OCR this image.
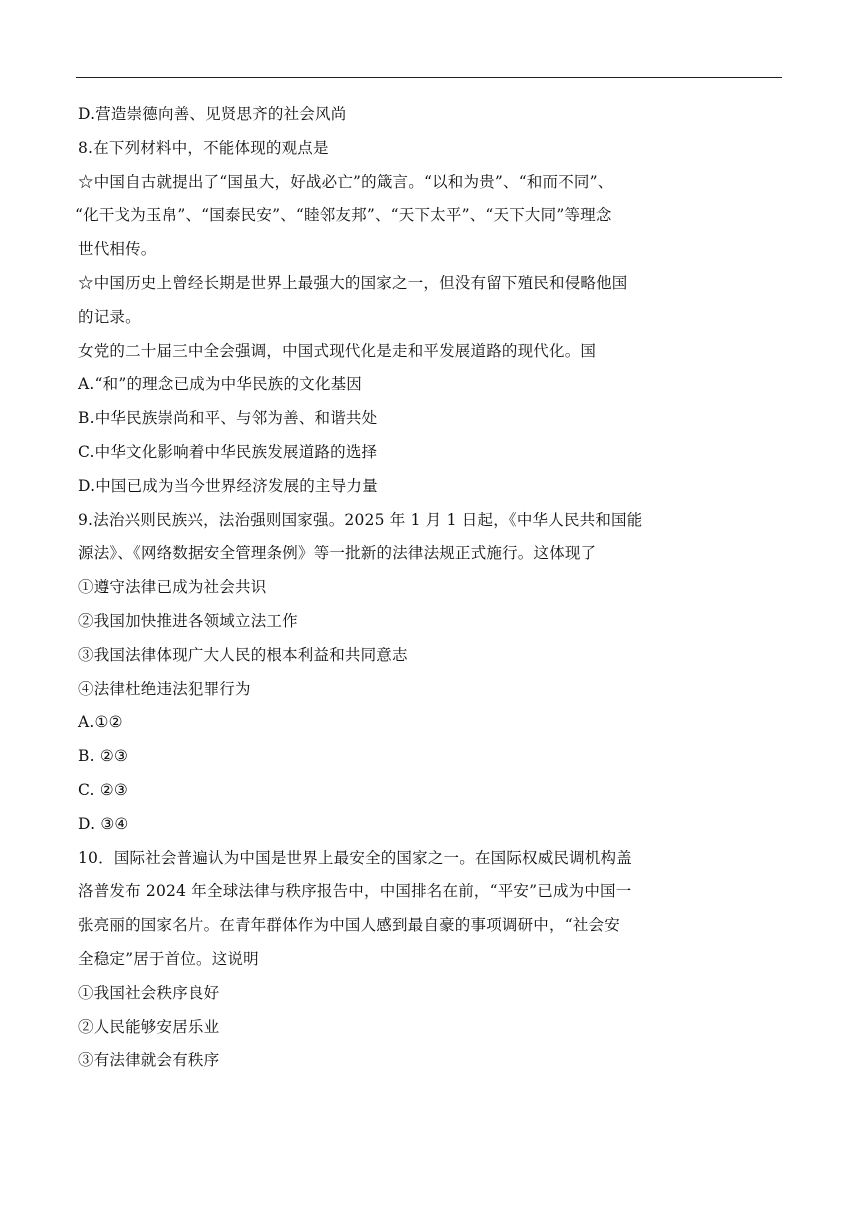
D.营造崇德向善、见贤思齐的社会风尚
8.在下列材料中，不能体现的观点是
☆中国自古就提出了“国虽大，好战必亡”的箴言。“以和为贵”、“和而不同”、
“化干戈为玉帛”、“国泰民安”、“睦邻友邦”、“天下太平”、“天下大同”等理念
世代相传。
☆中国历史上曾经长期是世界上最强大的国家之一，但没有留下殖民和侵略他国
的记录。
女党的二十届三中全会强调，中国式现代化是走和平发展道路的现代化。国
A.“和”的理念已成为中华民族的文化基因
B.中华民族崇尚和平、与邻为善、和谐共处
C.中华文化影响着中华民族发展道路的选择
D.中国已成为当今世界经济发展的主导力量
9.法治兴则民族兴，法治强则国家强。2025 年 1 月 1 日起，《中华人民共和国能
源法》、《网络数据安全管理条例》等一批新的法律法规正式施行。这体现了
①遵守法律已成为社会共识
②我国加快推进各领域立法工作
③我国法律体现广大人民的根本利益和共同意志
④法律杜绝违法犯罪行为
A.①②
B. ②③
C. ②③
D. ③④
10．国际社会普遍认为中国是世界上最安全的国家之一。在国际权威民调机构盖
洛普发布 2024 年全球法律与秩序报告中，中国排名在前，“平安”已成为中国一
张亮丽的国家名片。在青年群体作为中国人感到最自豪的事项调研中，“社会安
全稳定”居于首位。这说明
①我国社会秩序良好
②人民能够安居乐业
③有法律就会有秩序
